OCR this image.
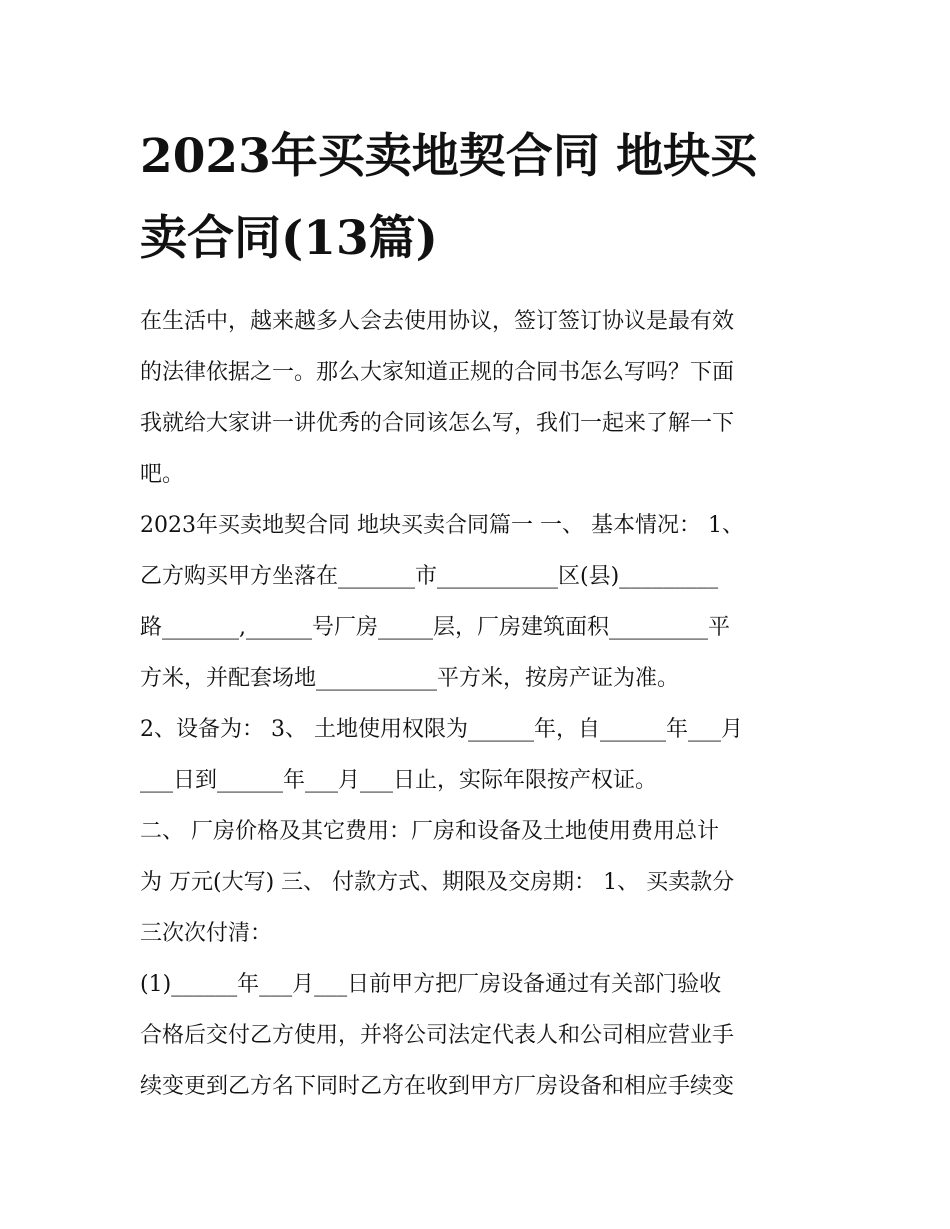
2023年买卖地契合同 地块买
卖合同(13篇)

在生活中，越来越多人会去使用协议，签订签订协议是最有效
的法律依据之一。那么大家知道正规的合同书怎么写吗？下面
我就给大家讲一讲优秀的合同该怎么写，我们一起来了解一下
吧。

2023年买卖地契合同 地块买卖合同篇一 一、 基本情况： 1、
乙方购买甲方坐落在_______市___________区(县)_________
路_______,______号厂房_____层，厂房建筑面积_________平
方米，并配套场地___________平方米，按房产证为准。

2、设备为： 3、 土地使用权限为______年，自______年___月
___日到______年___月___日止，实际年限按产权证。

二、 厂房价格及其它费用：厂房和设备及土地使用费用总计
为 万元(大写) 三、 付款方式、期限及交房期： 1、 买卖款分
三次次付清：

(1)______年___月___日前甲方把厂房设备通过有关部门验收
合格后交付乙方使用，并将公司法定代表人和公司相应营业手
续变更到乙方名下同时乙方在收到甲方厂房设备和相应手续变
